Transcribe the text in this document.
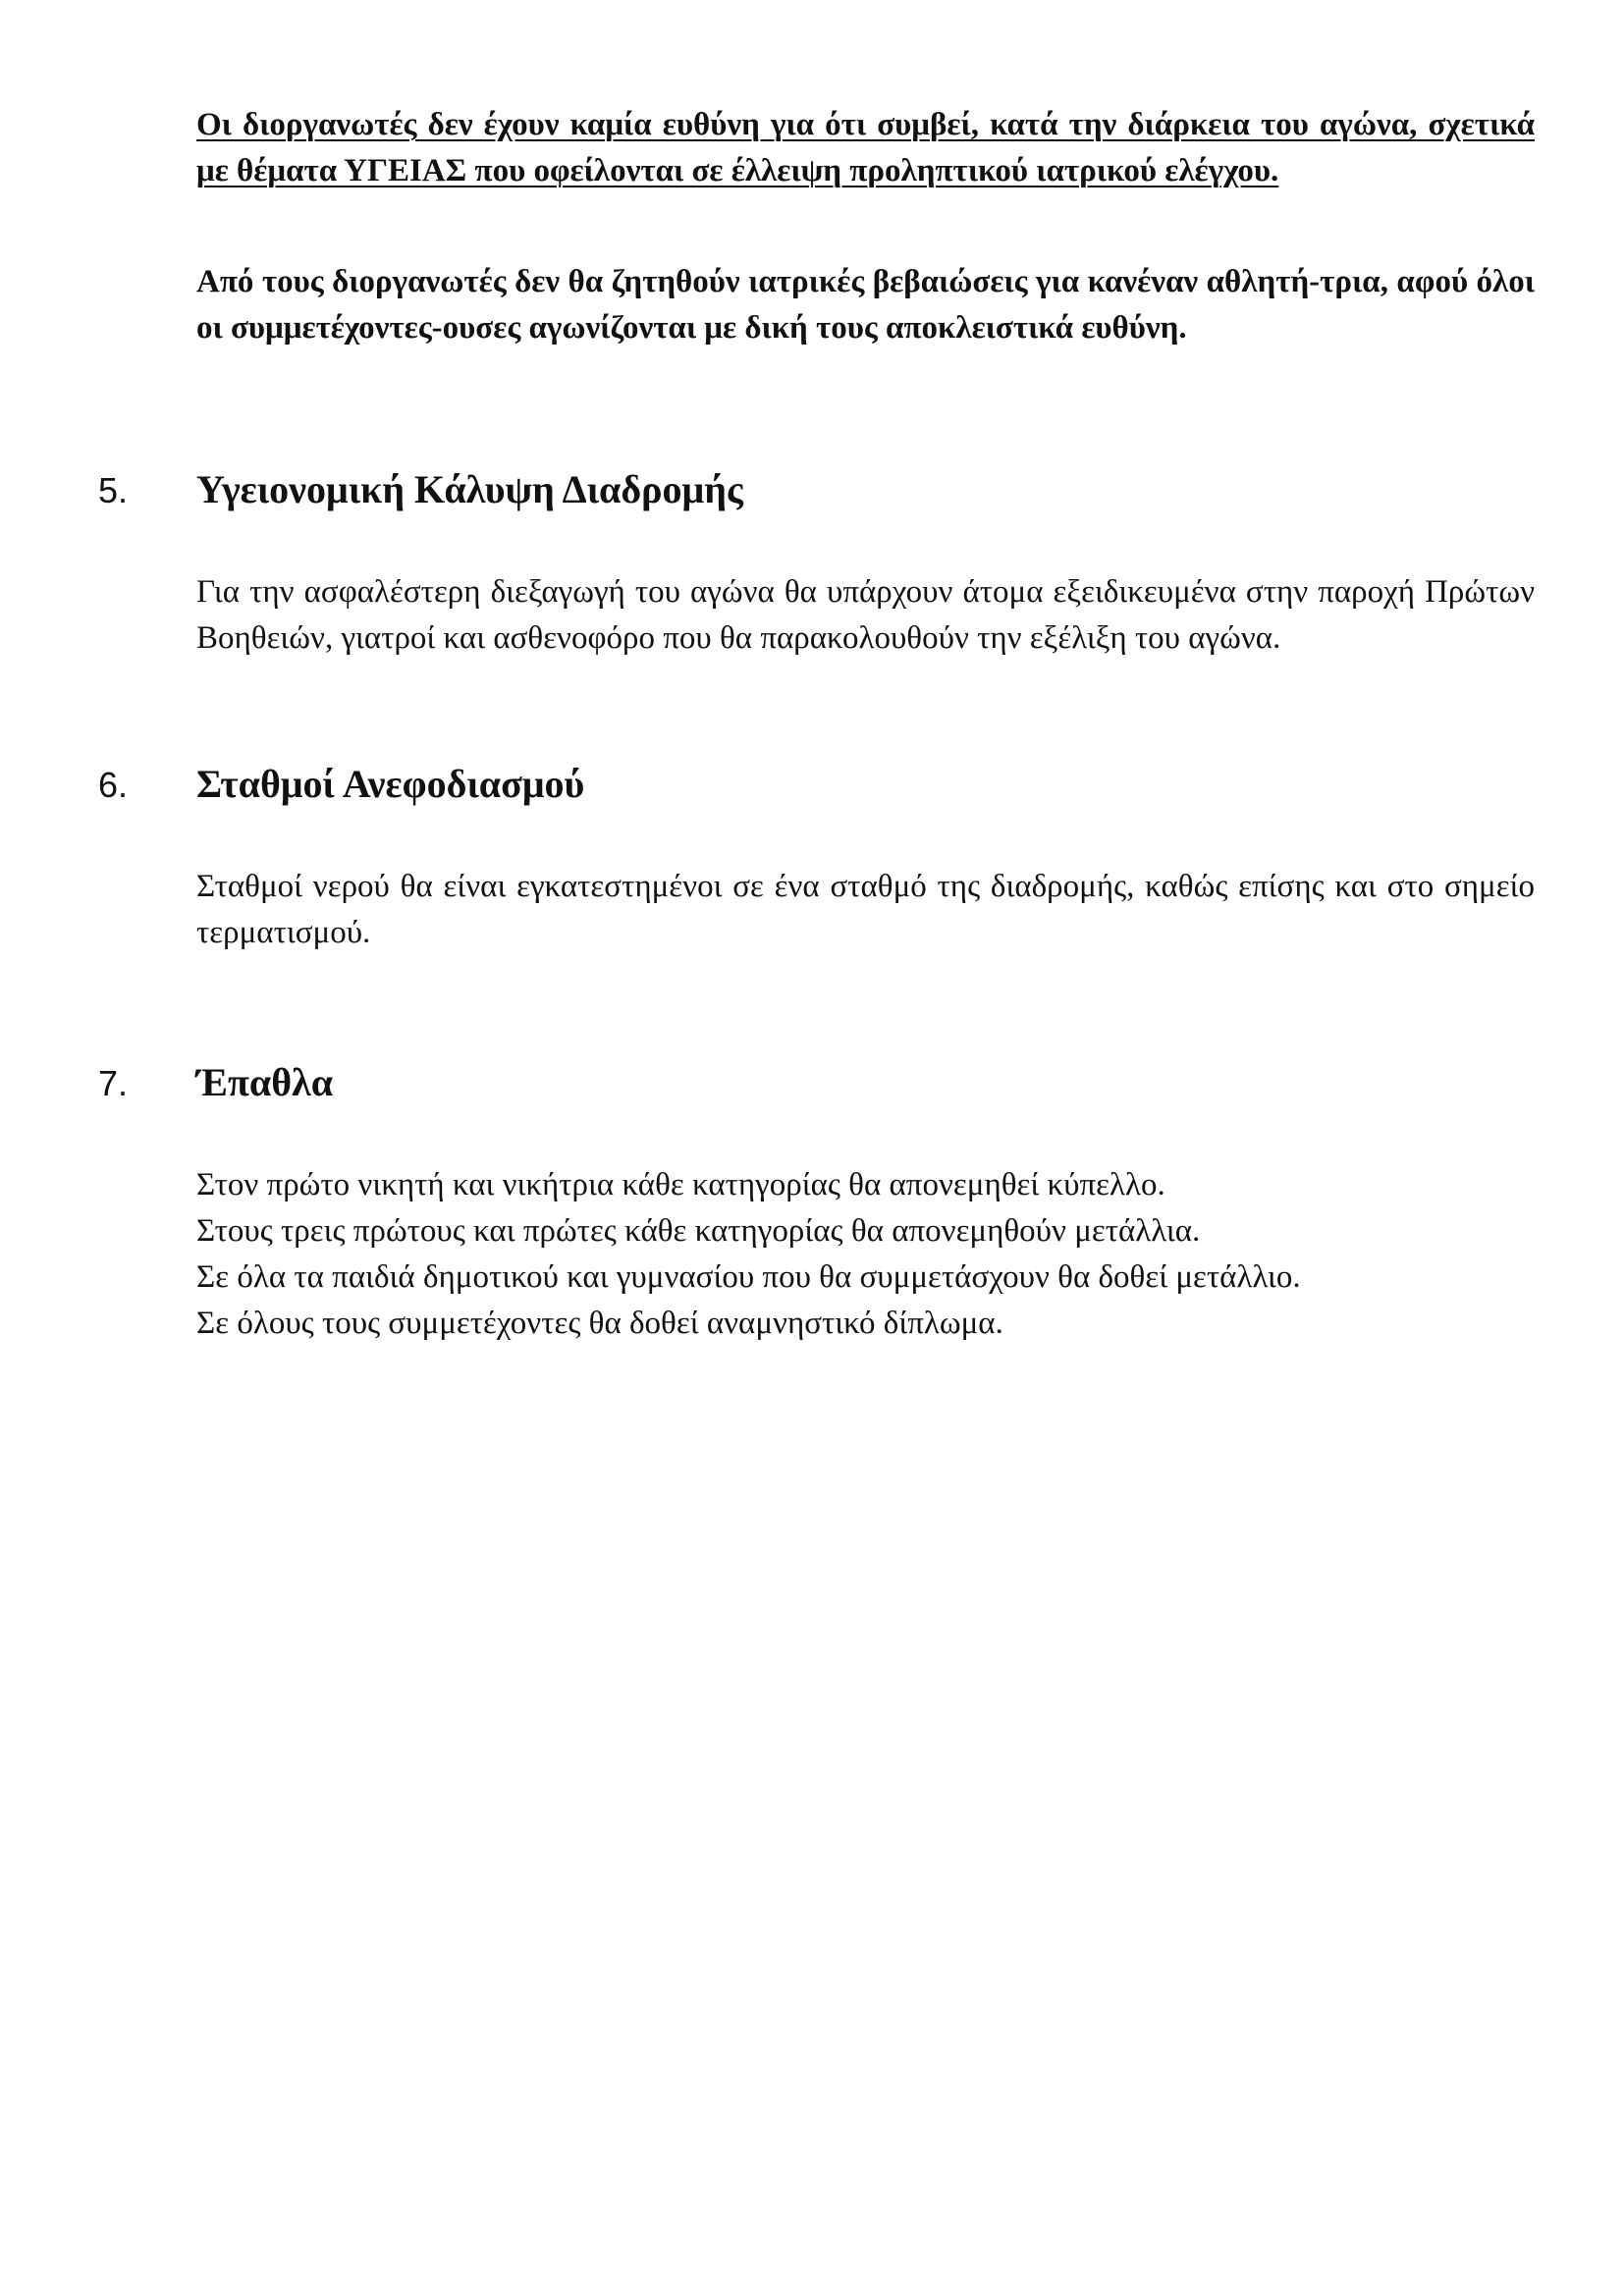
Οι διοργανωτές δεν έχουν καμία ευθύνη για ότι συμβεί, κατά την διάρκεια του αγώνα, σχετικά με θέματα ΥΓΕΙΑΣ που οφείλονται σε έλλειψη προληπτικού ιατρικού ελέγχου.

Από τους διοργανωτές δεν θα ζητηθούν ιατρικές βεβαιώσεις για κανέναν αθλητή-τρια, αφού όλοι οι συμμετέχοντες-ουσες αγωνίζονται με δική τους αποκλειστικά ευθύνη.

5. Υγειονομική Κάλυψη Διαδρομής

Για την ασφαλέστερη διεξαγωγή του αγώνα θα υπάρχουν άτομα εξειδικευμένα στην παροχή Πρώτων Βοηθειών, γιατροί και ασθενοφόρο που θα παρακολουθούν την εξέλιξη του αγώνα.

6. Σταθμοί Ανεφοδιασμού

Σταθμοί νερού θα είναι εγκατεστημένοι σε ένα σταθμό της διαδρομής, καθώς επίσης και στο σημείο τερματισμού.

7. Έπαθλα
Στον πρώτο νικητή και νικήτρια κάθε κατηγορίας θα απονεμηθεί κύπελλο.
Στους τρεις πρώτους και πρώτες κάθε κατηγορίας θα απονεμηθούν μετάλλια.
Σε όλα τα παιδιά δημοτικού και γυμνασίου που θα συμμετάσχουν θα δοθεί μετάλλιο.
Σε όλους τους συμμετέχοντες θα δοθεί αναμνηστικό δίπλωμα.
